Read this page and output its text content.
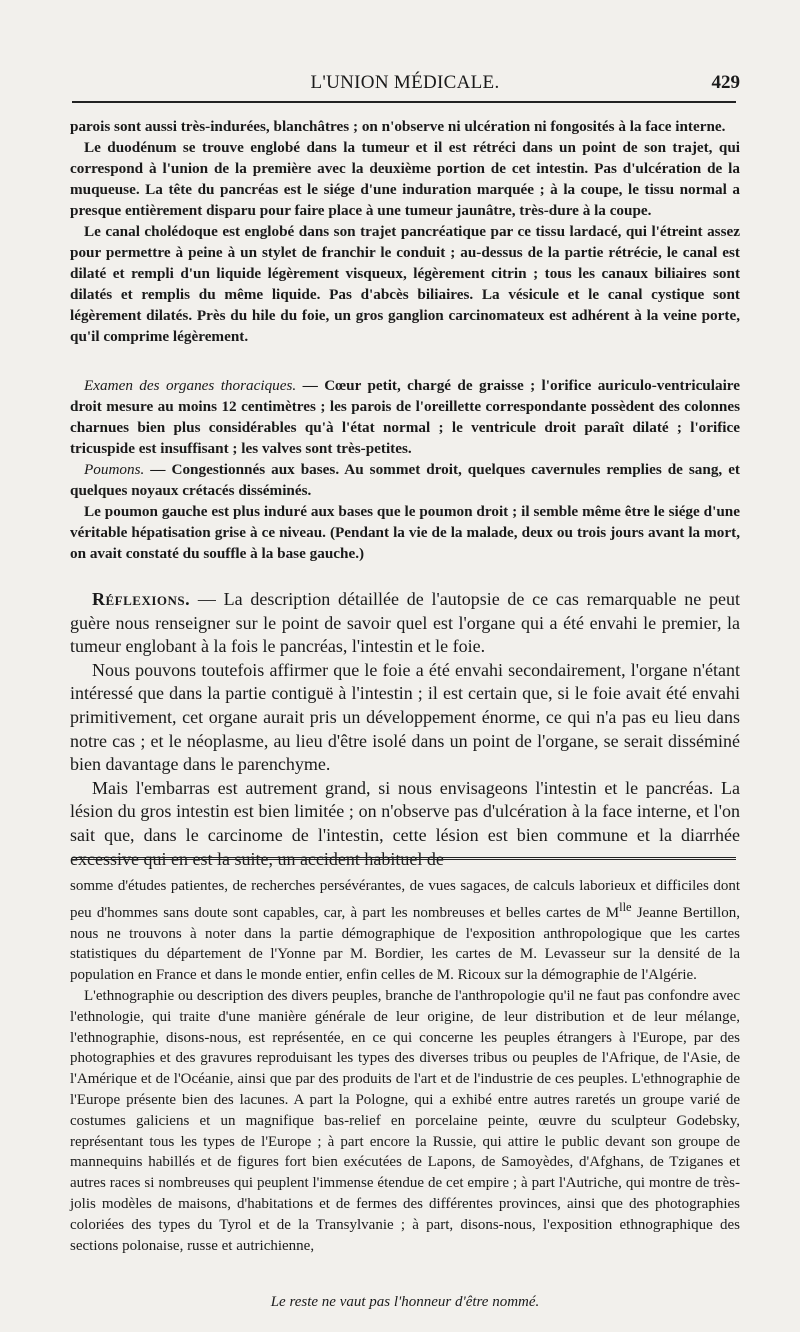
L'UNION MÉDICALE.	429

parois sont aussi très-indurées, blanchâtres ; on n'observe ni ulcération ni fongosités à la face interne.

Le duodénum se trouve englobé dans la tumeur et il est rétréci dans un point de son trajet, qui correspond à l'union de la première avec la deuxième portion de cet intestin. Pas d'ulcération de la muqueuse. La tête du pancréas est le siége d'une induration marquée ; à la coupe, le tissu normal a presque entièrement disparu pour faire place à une tumeur jaunâtre, très-dure à la coupe.

Le canal cholédoque est englobé dans son trajet pancréatique par ce tissu lardacé, qui l'étreint assez pour permettre à peine à un stylet de franchir le conduit ; au-dessus de la partie rétrécie, le canal est dilaté et rempli d'un liquide légèrement visqueux, légèrement citrin ; tous les canaux biliaires sont dilatés et remplis du même liquide. Pas d'abcès biliaires. La vésicule et le canal cystique sont légèrement dilatés. Près du hile du foie, un gros ganglion carcinomateux est adhérent à la veine porte, qu'il comprime légèrement.

Examen des organes thoraciques. — Cœur petit, chargé de graisse ; l'orifice auriculo-ventriculaire droit mesure au moins 12 centimètres ; les parois de l'oreillette correspondante possèdent des colonnes charnues bien plus considérables qu'à l'état normal ; le ventricule droit paraît dilaté ; l'orifice tricuspide est insuffisant ; les valves sont très-petites.

Poumons. — Congestionnés aux bases. Au sommet droit, quelques cavernules remplies de sang, et quelques noyaux crétacés disséminés.

Le poumon gauche est plus induré aux bases que le poumon droit ; il semble même être le siége d'une véritable hépatisation grise à ce niveau. (Pendant la vie de la malade, deux ou trois jours avant la mort, on avait constaté du souffle à la base gauche.)

Réflexions. — La description détaillée de l'autopsie de ce cas remarquable ne peut guère nous renseigner sur le point de savoir quel est l'organe qui a été envahi le premier, la tumeur englobant à la fois le pancréas, l'intestin et le foie.

Nous pouvons toutefois affirmer que le foie a été envahi secondairement, l'organe n'étant intéressé que dans la partie contiguë à l'intestin ; il est certain que, si le foie avait été envahi primitivement, cet organe aurait pris un développement énorme, ce qui n'a pas eu lieu dans notre cas ; et le néoplasme, au lieu d'être isolé dans un point de l'organe, se serait disséminé bien davantage dans le parenchyme.

Mais l'embarras est autrement grand, si nous envisageons l'intestin et le pancréas. La lésion du gros intestin est bien limitée ; on n'observe pas d'ulcération à la face interne, et l'on sait que, dans le carcinome de l'intestin, cette lésion est bien commune et la diarrhée excessive qui en est la suite, un accident habituel de

somme d'études patientes, de recherches persévérantes, de vues sagaces, de calculs laborieux et difficiles dont peu d'hommes sans doute sont capables, car, à part les nombreuses et belles cartes de $M^{lle}$ Jeanne Bertillon, nous ne trouvons à noter dans la partie démographique de l'exposition anthropologique que les cartes statistiques du département de l'Yonne par M. Bordier, les cartes de M. Levasseur sur la densité de la population en France et dans le monde entier, enfin celles de M. Ricoux sur la démographie de l'Algérie.

L'ethnographie ou description des divers peuples, branche de l'anthropologie qu'il ne faut pas confondre avec l'ethnologie, qui traite d'une manière générale de leur origine, de leur distribution et de leur mélange, l'ethnographie, disons-nous, est représentée, en ce qui concerne les peuples étrangers à l'Europe, par des photographies et des gravures reproduisant les types des diverses tribus ou peuples de l'Afrique, de l'Asie, de l'Amérique et de l'Océanie, ainsi que par des produits de l'art et de l'industrie de ces peuples. L'ethnographie de l'Europe présente bien des lacunes. A part la Pologne, qui a exhibé entre autres raretés un groupe varié de costumes galiciens et un magnifique bas-relief en porcelaine peinte, œuvre du sculpteur Godebsky, représentant tous les types de l'Europe ; à part encore la Russie, qui attire le public devant son groupe de mannequins habillés et de figures fort bien exécutées de Lapons, de Samoyèdes, d'Afghans, de Tziganes et autres races si nombreuses qui peuplent l'immense étendue de cet empire ; à part l'Autriche, qui montre de très-jolis modèles de maisons, d'habitations et de fermes des différentes provinces, ainsi que des photographies coloriées des types du Tyrol et de la Transylvanie ; à part, disons-nous, l'exposition ethnographique des sections polonaise, russe et autrichienne,

Le reste ne vaut pas l'honneur d'être nommé.
